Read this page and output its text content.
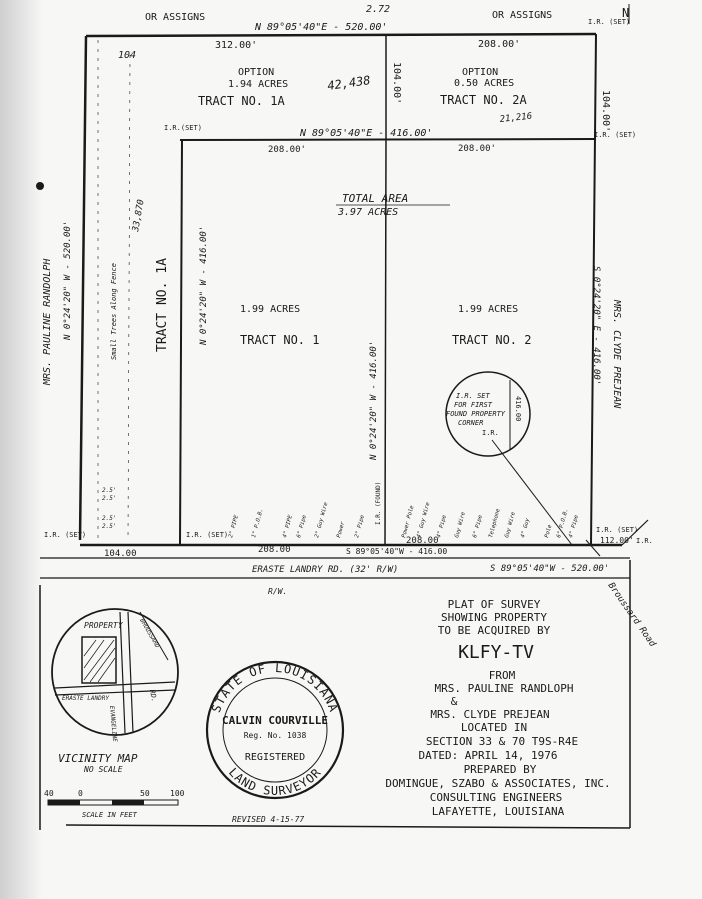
OR ASSIGNS	OR ASSIGNS
N 89°05'40"E - 520.00'
312.00'	208.00'
N
I.R. (SET)
104
42,438
2.72
21,216	104.00'
OPTION
1.94 ACRES
TRACT NO. 1A
OPTION
0.50 ACRES
TRACT NO. 2A
104.00'
N 89°05'40"E - 416.00'
208.00'	208.00'
I.R.(SET)
I.R. (SET)
TOTAL AREA
3.97 ACRES
1.99 ACRES
TRACT NO. 1
1.99 ACRES
TRACT NO. 2
TRACT NO. 1A
N 0°24'20" W - 520.00'	N 0°24'20" W - 416.00'
N 0°24'20" W - 416.00'
S 0°24'20" E - 416.00'
MRS. PAULINE RANDOLPH	MRS. CLYDE PREJEAN
Small Trees Along Fence
33,870
I.R. SET
FOR FIRST
FOUND PROPERTY
CORNER
416.00
I.R.
I.R. (SET)	I.R. (SET)
I.R. (SET)
I.R. (FOUND)
104.00	208.00	S 89°05'40"W - 416.00
208.00	112.00' I.R.
ERASTE LANDRY RD. (32' R/W)	S 89°05'40"W - 520.00'
R/W.	Broussard Road
2" PIPE 1" P.O.B.	4" PIPE 6" Pipe 2" Guy Wire Power 2" Pipe	Power Pole 4" Guy Wire 4" Pipe Guy Wire 6" Pipe Telephone Guy Wire 4" Guy Pole 6" P.O.B.
4" Pipe
2.5'
2.5'
2.5'
2.5'
PROPERTY
ERASTE LANDRY
BROUSSARD
EVANGELINE
RD.
VICINITY MAP
NO SCALE
40	0	50	100
SCALE IN FEET
STATE OF LOUISIANA
LAND SURVEYOR
CALVIN COURVILLE
Reg. No. 1038
REGISTERED
REVISED 4-15-77
PLAT OF SURVEY
SHOWING PROPERTY
TO BE ACQUIRED BY
KLFY-TV
FROM
MRS. PAULINE RANDLOPH
&
MRS. CLYDE PREJEAN
LOCATED IN
SECTION 33 & 70 T9S-R4E
DATED: APRIL 14, 1976
PREPARED BY
DOMINGUE, SZABO & ASSOCIATES, INC.
CONSULTING ENGINEERS
LAFAYETTE, LOUISIANA
